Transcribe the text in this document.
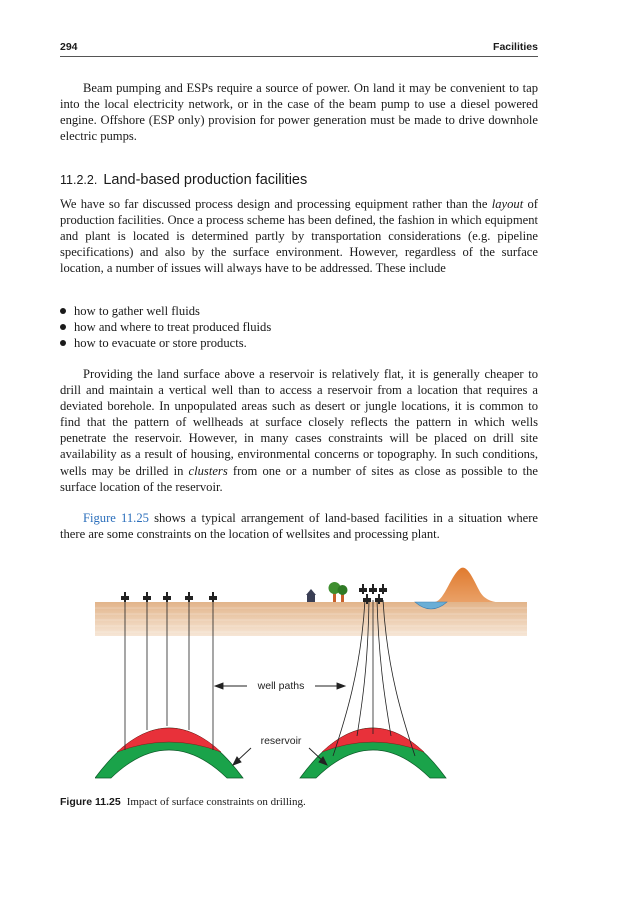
294	Facilities

Beam pumping and ESPs require a source of power. On land it may be convenient to tap into the local electricity network, or in the case of the beam pump to use a diesel powered engine. Offshore (ESP only) provision for power generation must be made to drive downhole electric pumps.

11.2.2. Land-based production facilities

We have so far discussed process design and processing equipment rather than the layout of production facilities. Once a process scheme has been defined, the fashion in which equipment and plant is located is determined partly by transportation considerations (e.g. pipeline specifications) and also by the surface environment. However, regardless of the surface location, a number of issues will always have to be addressed. These include

how to gather well fluids
how and where to treat produced fluids
how to evacuate or store products.

Providing the land surface above a reservoir is relatively flat, it is generally cheaper to drill and maintain a vertical well than to access a reservoir from a location that requires a deviated borehole. In unpopulated areas such as desert or jungle locations, it is common to find that the pattern of wellheads at surface closely reflects the pattern in which wells penetrate the reservoir. However, in many cases constraints will be placed on drill site availability as a result of housing, environmental concerns or topography. In such conditions, wells may be drilled in clusters from one or a number of sites as close as possible to the surface location of the reservoir.

Figure 11.25 shows a typical arrangement of land-based facilities in a situation where there are some constraints on the location of wellsites and processing plant.

well paths
reservoir
Figure 11.25 Impact of surface constraints on drilling.
